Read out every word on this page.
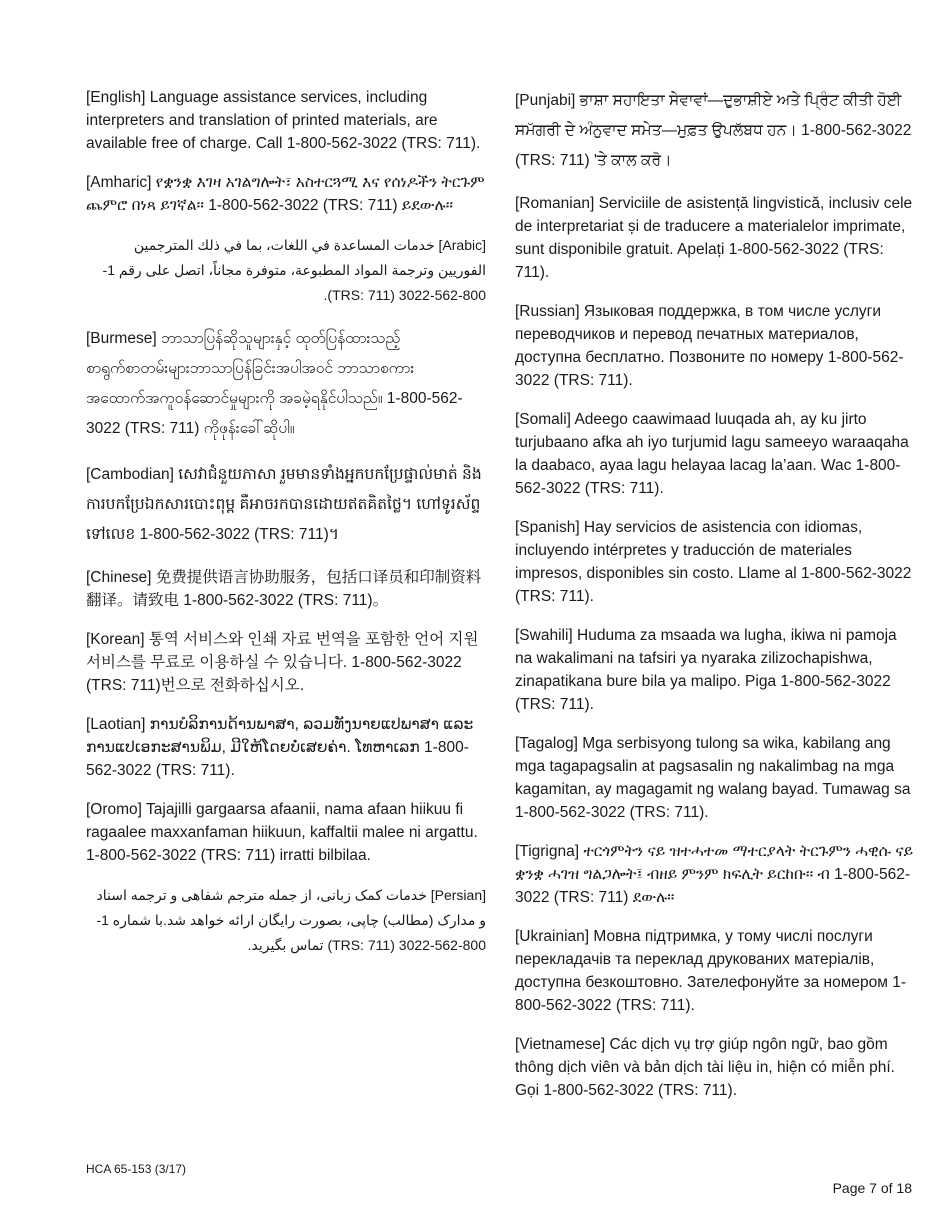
[English] Language assistance services, including interpreters and translation of printed materials, are available free of charge. Call 1-800-562-3022 (TRS: 711).

[Amharic] የቋንቋ እገዛ አገልግሎት፣ አስተርጓሚ እና የሰነዶችን ትርጉም ጨምሮ በነጻ ይገኛል፡፡ 1-800-562-3022 (TRS: 711) ይደውሉ፡፡

[Arabic] خدمات المساعدة في اللغات، بما في ذلك المترجمين الفوريين وترجمة المواد المطبوعة، متوفرة مجاناً، اتصل على رقم 1-800-562-3022 (TRS: 711).

[Burmese] ဘာသာပြန်ဆိုသူများနှင့် ထုတ်ပြန်ထားသည့် စာရွက်စာတမ်းများဘာသာပြန်ခြင်းအပါအဝင် ဘာသာစကားအထောက်အကူဝန်ဆောင်မှုများကို အခမဲ့ရနိုင်ပါသည်။ 1-800-562-3022 (TRS: 711) ကိုဖုန်းခေါ်ဆိုပါ။

[Cambodian] សេវាជំនួយភាសា រួមមានទាំងអ្នកបកប្រែផ្ទាល់មាត់ និងការបកប្រែឯកសារបោះពុម្ព គឺអាចរកបានដោយឥតគិតថ្លៃ។ ហៅទូរស័ព្ទទៅលេខ 1-800-562-3022 (TRS: 711)។

[Chinese] 免费提供语言协助服务，包括口译员和印制资料翻译。请致电 1-800-562-3022 (TRS: 711)。

[Korean] 통역 서비스와 인쇄 자료 번역을 포함한 언어 지원 서비스를 무료로 이용하실 수 있습니다. 1-800-562-3022 (TRS: 711)번으로 전화하십시오.

[Laotian] ການບໍລິການດ້ານພາສາ, ລວມທັງນາຍແປພາສາ ແລະ ການແປເອກະສານພິມ, ມີໃຫ້ໂດຍບໍ່ເສຍຄ່າ. ໂທຫາເລກ 1-800-562-3022 (TRS: 711).

[Oromo] Tajajilli gargaarsa afaanii, nama afaan hiikuu fi ragaalee maxxanfaman hiikuun, kaffaltii malee ni argattu. 1-800-562-3022 (TRS: 711) irratti bilbilaa.

[Persian] خدمات کمک زبانی، از جمله مترجم شفاهی و ترجمه اسناد و مدارک (مطالب) چاپی، بصورت رایگان ارائه خواهد شد.با شماره 1-800-562-3022 (TRS: 711) تماس بگیرید.

[Punjabi] ਭਾਸ਼ਾ ਸਹਾਇਤਾ ਸੇਵਾਵਾਂ—ਦੁਭਾਸ਼ੀਏ ਅਤੇ ਪ੍ਰਿੰਟ ਕੀਤੀ ਹੋਈ ਸਮੱਗਰੀ ਦੇ ਅੰਨੁਵਾਦ ਸਮੇਤ—ਮੁਫ਼ਤ ਉਪਲੱਬਧ ਹਨ। 1-800-562-3022 (TRS: 711) 'ਤੇ ਕਾਲ ਕਰੋ।

[Romanian] Serviciile de asistență lingvistică, inclusiv cele de interpretariat și de traducere a materialelor imprimate, sunt disponibile gratuit. Apelați 1-800-562-3022 (TRS: 711).

[Russian] Языковая поддержка, в том числе услуги переводчиков и перевод печатных материалов, доступна бесплатно. Позвоните по номеру 1-800-562-3022 (TRS: 711).

[Somali] Adeego caawimaad luuqada ah, ay ku jirto turjubaano afka ah iyo turjumid lagu sameeyo waraaqaha la daabaco, ayaa lagu helayaa lacag la’aan. Wac 1-800-562-3022 (TRS: 711).

[Spanish] Hay servicios de asistencia con idiomas, incluyendo intérpretes y traducción de materiales impresos, disponibles sin costo. Llame al 1-800-562-3022 (TRS: 711).

[Swahili] Huduma za msaada wa lugha, ikiwa ni pamoja na wakalimani na tafsiri ya nyaraka zilizochapishwa, zinapatikana bure bila ya malipo. Piga 1-800-562-3022 (TRS: 711).

[Tagalog] Mga serbisyong tulong sa wika, kabilang ang mga tagapagsalin at pagsasalin ng nakalimbag na mga kagamitan, ay magagamit ng walang bayad. Tumawag sa 1-800-562-3022 (TRS: 711).

[Tigrigna] ተርጎምትን ናይ ዝተሓተመ ማተርያላት ትርጉምን ሓዊሱ ናይ ቋንቋ ሓገዝ ግልጋሎት፤ ብዘይ ምንም ክፍሊት ይርከቡ፡፡ ብ 1-800-562-3022 (TRS: 711) ደውሉ፡፡

[Ukrainian] Мовна підтримка, у тому числі послуги перекладачів та переклад друкованих матеріалів, доступна безкоштовно. Зателефонуйте за номером 1-800-562-3022 (TRS: 711).

[Vietnamese] Các dịch vụ trợ giúp ngôn ngữ, bao gồm thông dịch viên và bản dịch tài liệu in, hiện có miễn phí. Gọi 1-800-562-3022 (TRS: 711).

HCA 65-153 (3/17)
Page 7 of 18
